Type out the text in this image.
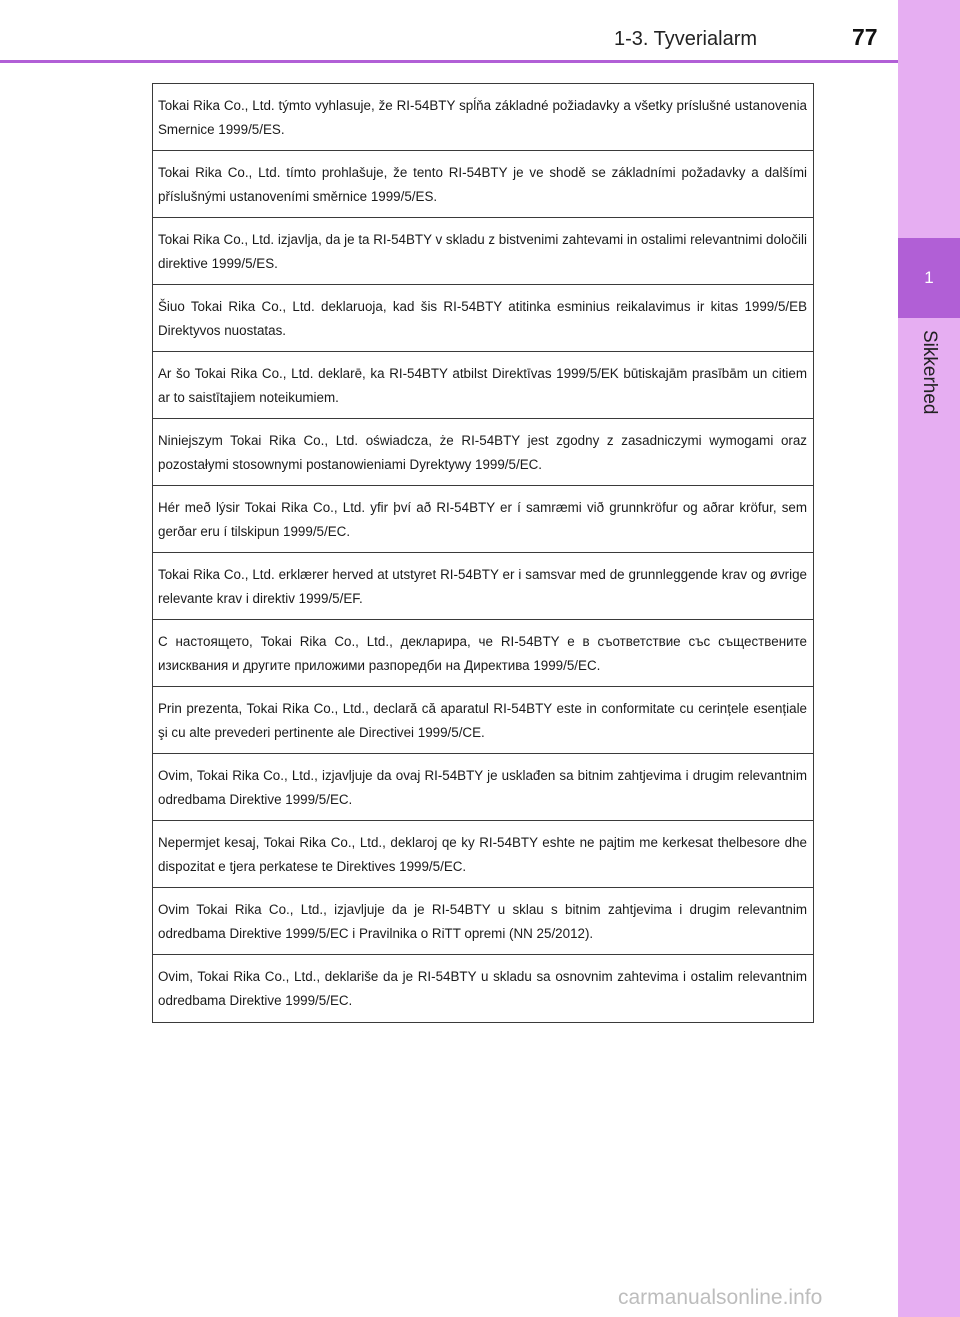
1
Sikkerhed
1-3. Tyverialarm	77
Tokai Rika Co., Ltd. týmto vyhlasuje, že RI-54BTY spĺňa základné požiadavky a všetky príslušné ustanovenia Smernice 1999/5/ES.
Tokai Rika Co., Ltd. tímto prohlašuje, že tento RI-54BTY je ve shodě se základními požadavky a dalšími příslušnými ustanoveními směrnice 1999/5/ES.
Tokai Rika Co., Ltd. izjavlja, da je ta RI-54BTY v skladu z bistvenimi zahtevami in ostalimi relevantnimi določili direktive 1999/5/ES.
Šiuo Tokai Rika Co., Ltd. deklaruoja, kad šis RI-54BTY atitinka esminius reikalavimus ir kitas 1999/5/EB Direktyvos nuostatas.
Ar šo Tokai Rika Co., Ltd. deklarē, ka RI-54BTY atbilst Direktīvas 1999/5/EK būtiskajām prasībām un citiem ar to saistītajiem noteikumiem.
Niniejszym Tokai Rika Co., Ltd. oświadcza, że RI-54BTY jest zgodny z zasadniczymi wymogami oraz pozostałymi stosownymi postanowieniami Dyrektywy 1999/5/EC.
Hér með lýsir Tokai Rika Co., Ltd. yfir því að RI-54BTY er í samræmi við grunnkröfur og aðrar kröfur, sem gerðar eru í tilskipun 1999/5/EC.
Tokai Rika Co., Ltd. erklærer herved at utstyret RI-54BTY er i samsvar med de grunnleggende krav og øvrige relevante krav i direktiv 1999/5/EF.
С настоящето, Tokai Rika Co., Ltd., декларира, че RI-54BTY е в съответствие със съществените изисквания и другите приложими разпоредби на Директива 1999/5/ЕС.
Prin prezenta, Tokai Rika Co., Ltd., declară că aparatul RI-54BTY este in conformitate cu cerințele esențiale şi cu alte prevederi pertinente ale Directivei 1999/5/CE.
Ovim, Tokai Rika Co., Ltd., izjavljuje da ovaj RI-54BTY je usklađen sa bitnim zahtjevima i drugim relevantnim odredbama Direktive 1999/5/EC.
Nepermjet kesaj, Tokai Rika Co., Ltd., deklaroj qe ky RI-54BTY eshte ne pajtim me kerkesat thelbesore dhe dispozitat e tjera perkatese te Direktives 1999/5/EC.
Ovim Tokai Rika Co., Ltd., izjavljuje da je RI-54BTY u sklau s bitnim zahtjevima i drugim relevantnim odredbama Direktive 1999/5/EC i Pravilnika o RiTT opremi (NN 25/2012).
Ovim, Tokai Rika Co., Ltd., deklariše da je RI-54BTY u skladu sa osnovnim zahtevima i ostalim relevantnim odredbama Direktive 1999/5/EC.
carmanualsonline.info
